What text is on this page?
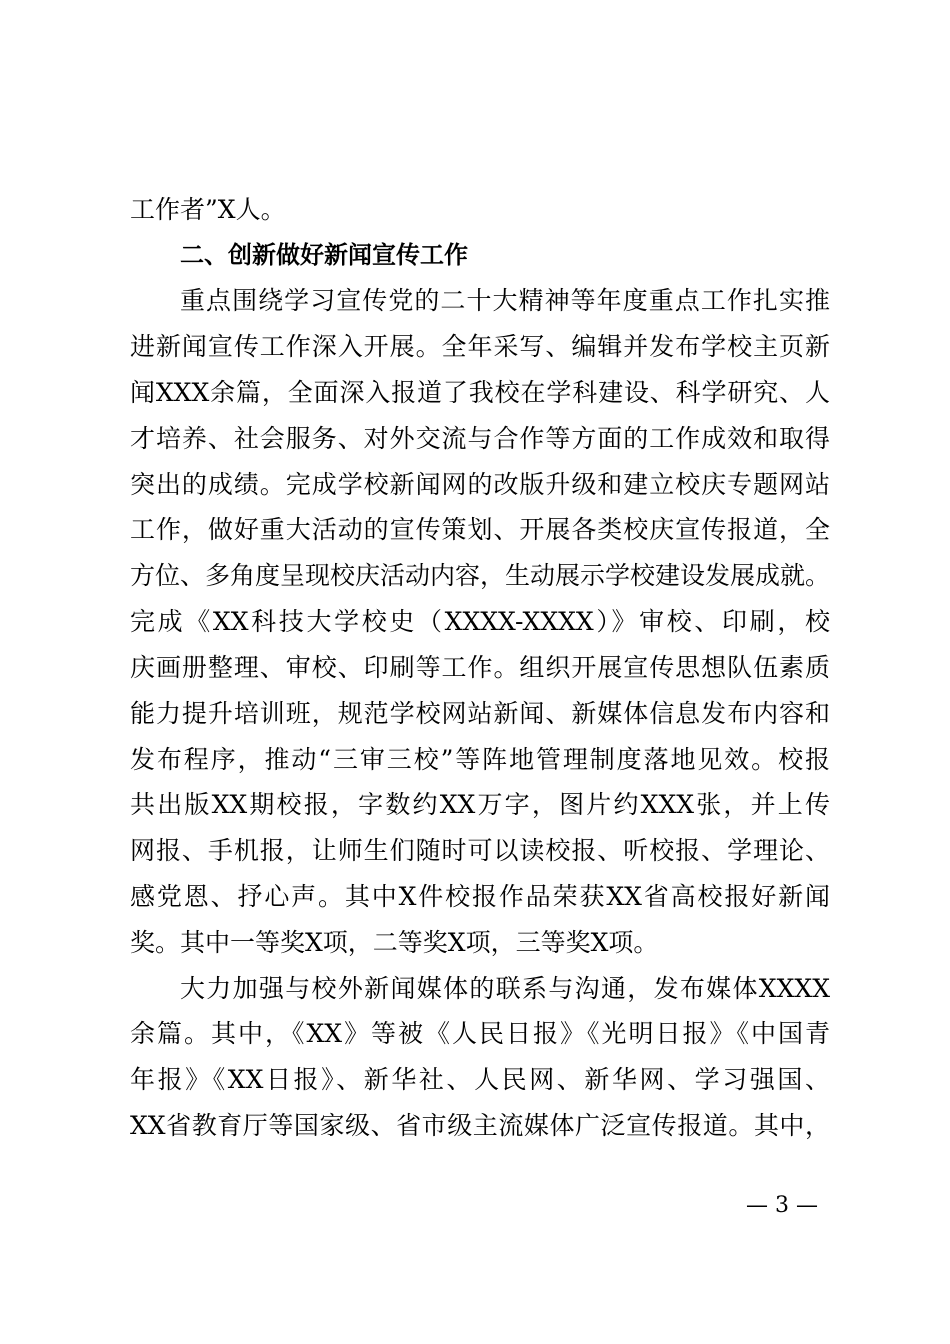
工作者”X人。
二、创新做好新闻宣传工作
重点围绕学习宣传党的二十大精神等年度重点工作扎实推
进新闻宣传工作深入开展。全年采写、编辑并发布学校主页新
闻XXX余篇，全面深入报道了我校在学科建设、科学研究、人
才培养、社会服务、对外交流与合作等方面的工作成效和取得
突出的成绩。完成学校新闻网的改版升级和建立校庆专题网站
工作，做好重大活动的宣传策划、开展各类校庆宣传报道，全
方位、多角度呈现校庆活动内容，生动展示学校建设发展成就。
完成《XX科技大学校史（XXXX-XXXX）》审校、印刷，校
庆画册整理、审校、印刷等工作。组织开展宣传思想队伍素质
能力提升培训班，规范学校网站新闻、新媒体信息发布内容和
发布程序，推动“三审三校”等阵地管理制度落地见效。校报
共出版XX期校报，字数约XX万字，图片约XXX张，并上传
网报、手机报，让师生们随时可以读校报、听校报、学理论、
感党恩、抒心声。其中X件校报作品荣获XX省高校报好新闻
奖。其中一等奖X项，二等奖X项，三等奖X项。
大力加强与校外新闻媒体的联系与沟通，发布媒体XXXX
余篇。其中，《XX》等被《人民日报》《光明日报》《中国青
年报》《XX日报》、新华社、人民网、新华网、学习强国、
XX省教育厅等国家级、省市级主流媒体广泛宣传报道。其中，
— 3 —
